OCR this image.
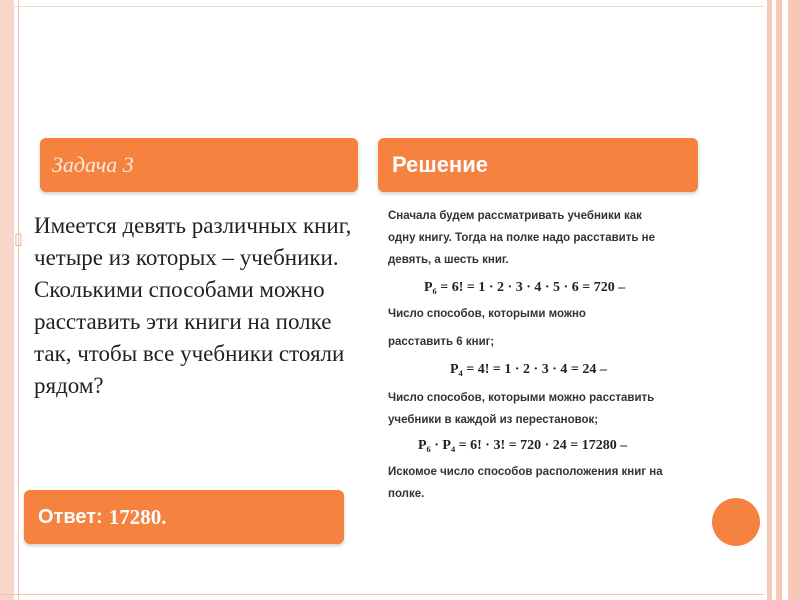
Задача 3	Решение
▯

Имеется девять различных книг, четыре из которых – учебники. Сколькими способами можно расставить эти книги на полке так, чтобы все учебники стояли рядом?

Сначала будем рассматривать учебники как
одну книгу. Тогда на полке надо расставить не
девять, а шесть книг.
P₆ = 6! = 1 · 2 · 3 · 4 · 5 · 6 = 720 –
Число способов, которыми можно
расставить 6 книг;
P₄ = 4! = 1 · 2 · 3 · 4 = 24 –
Число способов, которыми можно расставить
учебники в каждой из перестановок;
P₆ · P₄ = 6! · 3! = 720 · 24 = 17280 –
Искомое число способов расположения книг на
полке.
Ответ: 17280.
